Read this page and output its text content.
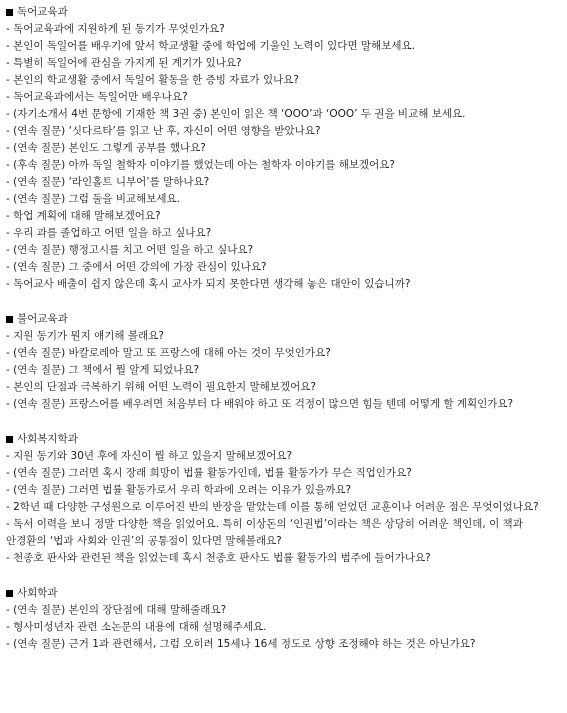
독어교육과
- 독어교육과에 지원하게 된 동기가 무엇인가요?
- 본인이 독일어를 배우기에 앞서 학교생활 중에 학업에 기울인 노력이 있다면 말해보세요.
- 특별히 독일어에 관심을 가지게 된 계기가 있나요?
- 본인의 학교생활 중에서 독일어 활동을 한 증빙 자료가 있나요?
- 독어교육과에서는 독일어만 배우나요?
- (자기소개서 4번 문항에 기재한 책 3권 중) 본인이 읽은 책 ‘OOO’과 ‘OOO’ 두 권을 비교해 보세요.
- (연속 질문) ‘싯다르타’를 읽고 난 후, 자신이 어떤 영향을 받았나요?
- (연속 질문) 본인도 그렇게 공부를 했나요?
- (후속 질문) 아까 독일 철학자 이야기를 했었는데 아는 철학자 이야기를 해보겠어요?
- (연속 질문) ‘라인홀트 니부어’를 말하나요?
- (연속 질문) 그럼 둘을 비교해보세요.
- 학업 계획에 대해 말해보겠어요?
- 우리 과를 졸업하고 어떤 일을 하고 싶나요?
- (연속 질문) 행정고시를 치고 어떤 일을 하고 싶나요?
- (연속 질문) 그 중에서 어떤 강의에 가장 관심이 있나요?
- 독어교사 배출이 쉽지 않은데 혹시 교사가 되지 못한다면 생각해 놓은 대안이 있습니까?
불어교육과
- 지원 동기가 뭔지 얘기해 볼래요?
- (연속 질문) 바칼로레아 말고 또 프랑스에 대해 아는 것이 무엇인가요?
- (연속 질문) 그 책에서 뭘 알게 되었나요?
- 본인의 단점과 극복하기 위해 어떤 노력이 필요한지 말해보겠어요?
- (연속 질문) 프랑스어를 배우려면 처음부터 다 배워야 하고 또 걱정이 많으면 힘들 텐데 어떻게 할 계획인가요?
사회복지학과
- 지원 동기와 30년 후에 자신이 뭘 하고 있을지 말해보겠어요?
- (연속 질문) 그러면 혹시 장래 희망이 법률 활동가인데, 법률 활동가가 무슨 직업인가요?
- (연속 질문) 그러면 법률 활동가로서 우리 학과에 오려는 이유가 있을까요?
- 2학년 때 다양한 구성원으로 이루어진 반의 반장을 맡았는데 이를 통해 얻었던 교훈이나 어려운 점은 무엇이었나요?
- 독서 이력을 보니 정말 다양한 책을 읽었어요. 특히 이상돈의 ‘인권법’이라는 책은 상당히 어려운 책인데, 이 책과 안경환의 ‘법과 사회와 인권’의 공통점이 있다면 말해볼래요?
- 천종호 판사와 관련된 책을 읽었는데 혹시 천종호 판사도 법률 활동가의 범주에 들어가나요?
사회학과
- (연속 질문) 본인의 장단점에 대해 말해줄래요?
- 형사미성년자 관련 소논문의 내용에 대해 설명해주세요.
- (연속 질문) 근거 1과 관련해서, 그럼 오히려 15세나 16세 정도로 상향 조정해야 하는 것은 아닌가요?
